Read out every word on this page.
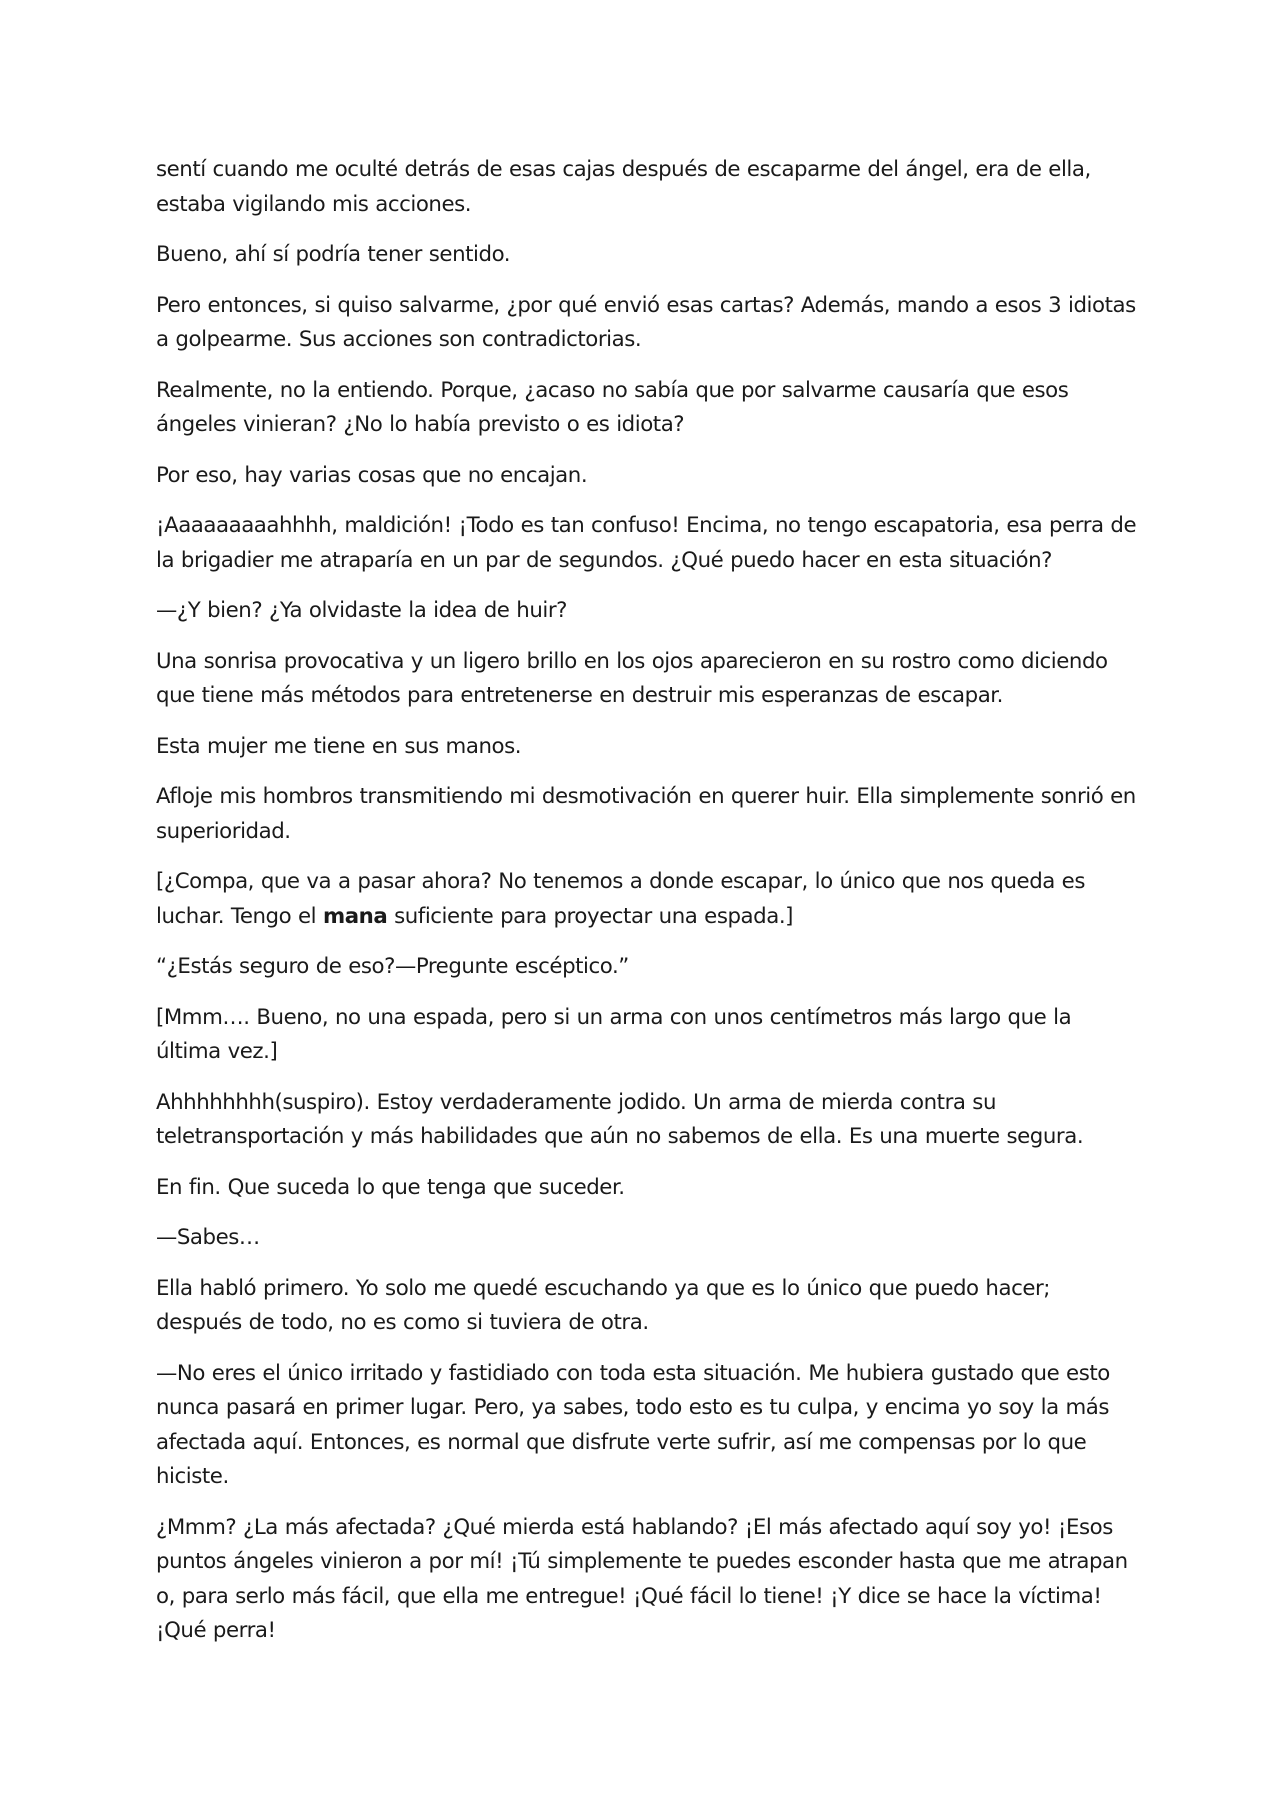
sentí cuando me oculté detrás de esas cajas después de escaparme del ángel, era de ella, estaba vigilando mis acciones.

Bueno, ahí sí podría tener sentido.

Pero entonces, si quiso salvarme, ¿por qué envió esas cartas? Además, mando a esos 3 idiotas a golpearme. Sus acciones son contradictorias.

Realmente, no la entiendo. Porque, ¿acaso no sabía que por salvarme causaría que esos ángeles vinieran? ¿No lo había previsto o es idiota?

Por eso, hay varias cosas que no encajan.

¡Aaaaaaaaahhhh, maldición! ¡Todo es tan confuso! Encima, no tengo escapatoria, esa perra de la brigadier me atraparía en un par de segundos. ¿Qué puedo hacer en esta situación?

—¿Y bien? ¿Ya olvidaste la idea de huir?

Una sonrisa provocativa y un ligero brillo en los ojos aparecieron en su rostro como diciendo que tiene más métodos para entretenerse en destruir mis esperanzas de escapar.

Esta mujer me tiene en sus manos.

Afloje mis hombros transmitiendo mi desmotivación en querer huir. Ella simplemente sonrió en superioridad.

[¿Compa, que va a pasar ahora? No tenemos a donde escapar, lo único que nos queda es luchar. Tengo el mana suficiente para proyectar una espada.]

“¿Estás seguro de eso?—Pregunte escéptico.”

[Mmm…. Bueno, no una espada, pero si un arma con unos centímetros más largo que la última vez.]

Ahhhhhhhh(suspiro). Estoy verdaderamente jodido. Un arma de mierda contra su teletransportación y más habilidades que aún no sabemos de ella. Es una muerte segura.

En fin. Que suceda lo que tenga que suceder.

—Sabes…

Ella habló primero. Yo solo me quedé escuchando ya que es lo único que puedo hacer; después de todo, no es como si tuviera de otra.

—No eres el único irritado y fastidiado con toda esta situación. Me hubiera gustado que esto nunca pasará en primer lugar. Pero, ya sabes, todo esto es tu culpa, y encima yo soy la más afectada aquí. Entonces, es normal que disfrute verte sufrir, así me compensas por lo que hiciste.

¿Mmm? ¿La más afectada? ¿Qué mierda está hablando? ¡El más afectado aquí soy yo! ¡Esos puntos ángeles vinieron a por mí! ¡Tú simplemente te puedes esconder hasta que me atrapan o, para serlo más fácil, que ella me entregue! ¡Qué fácil lo tiene! ¡Y dice se hace la víctima! ¡Qué perra!
